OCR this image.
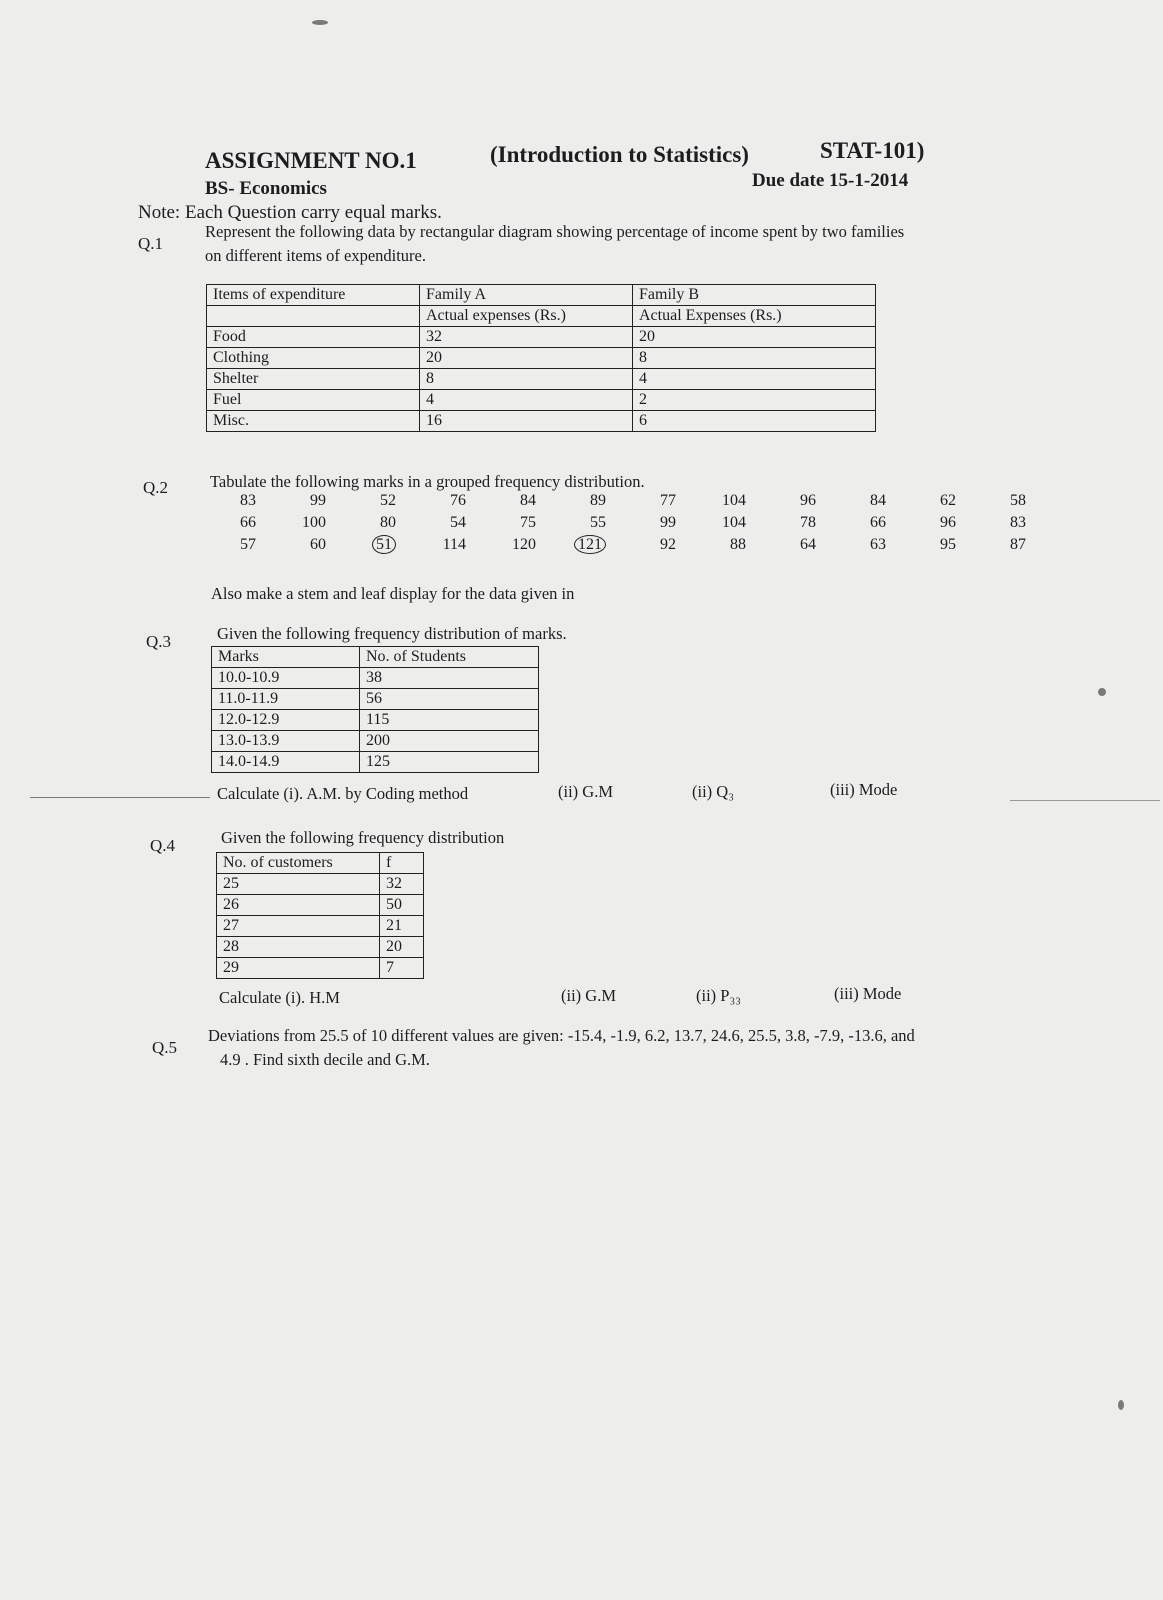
ASSIGNMENT NO.1	(Introduction to Statistics)	STAT-101)
BS- Economics	Due date 15-1-2014
Note: Each Question carry equal marks.
Q.1
Represent the following data by rectangular diagram showing percentage of income spent by two families
on different items of expenditure.
Items of expenditure	Family A	Family B
	Actual expenses (Rs.)	Actual Expenses (Rs.)
Food	32	20
Clothing	20	8
Shelter	8	4
Fuel	4	2
Misc.	16	6
Q.2	Tabulate the following marks in a grouped frequency distribution.
83	99	52	76	84	89	77	104	96	84	62	58
66	100	80	54	75	55	99	104	78	66	96	83
57	60	51	114	120	121	92	88	64	63	95	87
Also make a stem and leaf display for the data given in
Q.3	Given the following frequency distribution of marks.
Marks	No. of Students
10.0-10.9	38
11.0-11.9	56
12.0-12.9	115
13.0-13.9	200
14.0-14.9	125
Calculate (i). A.M. by Coding method	(ii) G.M	(ii) Q₃	(iii) Mode
Q.4	Given the following frequency distribution
No. of customers	f
25	32
26	50
27	21
28	20
29	7
Calculate (i). H.M	(ii) G.M	(ii) P₃₃	(iii) Mode
Q.5
Deviations from 25.5 of 10 different values are given: -15.4, -1.9, 6.2, 13.7, 24.6, 25.5, 3.8, -7.9, -13.6, and
4.9 . Find sixth decile and G.M.
